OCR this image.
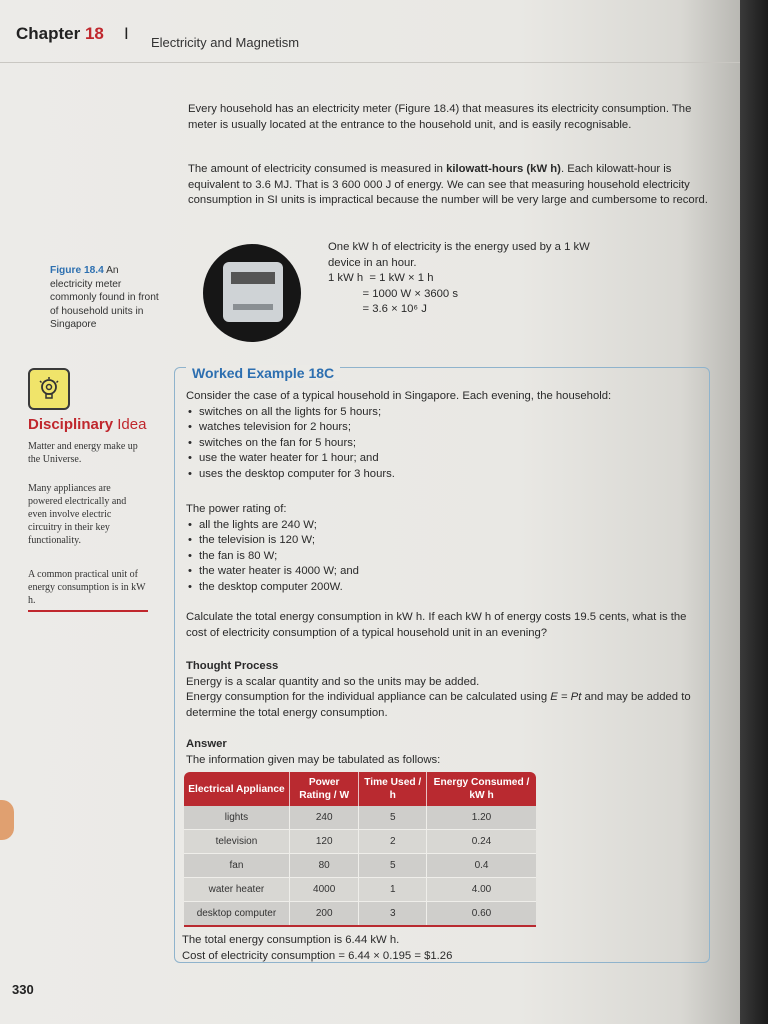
Chapter 18 I Electricity and Magnetism
Every household has an electricity meter (Figure 18.4) that measures its electricity consumption. The meter is usually located at the entrance to the household unit, and is easily recognisable.
The amount of electricity consumed is measured in kilowatt-hours (kW h). Each kilowatt-hour is equivalent to 3.6 MJ. That is 3 600 000 J of energy. We can see that measuring household electricity consumption in SI units is impractical because the number will be very large and cumbersome to record.
One kW h of electricity is the energy used by a 1 kW
device in an hour.
1 kW h  = 1 kW × 1 h
= 1000 W × 3600 s
= 3.6 × 10⁶ J
Figure 18.4 An electricity meter commonly found in front of household units in Singapore
Disciplinary Idea
Matter and energy make up the Universe.
Many appliances are powered electrically and even involve electric circuitry in their key functionality.
A common practical unit of energy consumption is in kW h.
Worked Example 18C
Consider the case of a typical household in Singapore. Each evening, the household:
• switches on all the lights for 5 hours;
• watches television for 2 hours;
• switches on the fan for 5 hours;
• use the water heater for 1 hour; and
• uses the desktop computer for 3 hours.
The power rating of:
• all the lights are 240 W;
• the television is 120 W;
• the fan is 80 W;
• the water heater is 4000 W; and
• the desktop computer 200W.
Calculate the total energy consumption in kW h. If each kW h of energy costs 19.5 cents, what is the cost of electricity consumption of a typical household unit in an evening?
Thought Process
Energy is a scalar quantity and so the units may be added.
Energy consumption for the individual appliance can be calculated using E = Pt and may be added to determine the total energy consumption.
Answer
The information given may be tabulated as follows:
Electrical Appliance	Power Rating / W	Time Used / h	Energy Consumed / kW h
lights	240	5	1.20
television	120	2	0.24
fan	80	5	0.4
water heater	4000	1	4.00
desktop computer	200	3	0.60
The total energy consumption is 6.44 kW h.
Cost of electricity consumption = 6.44 × 0.195 = $1.26
330
